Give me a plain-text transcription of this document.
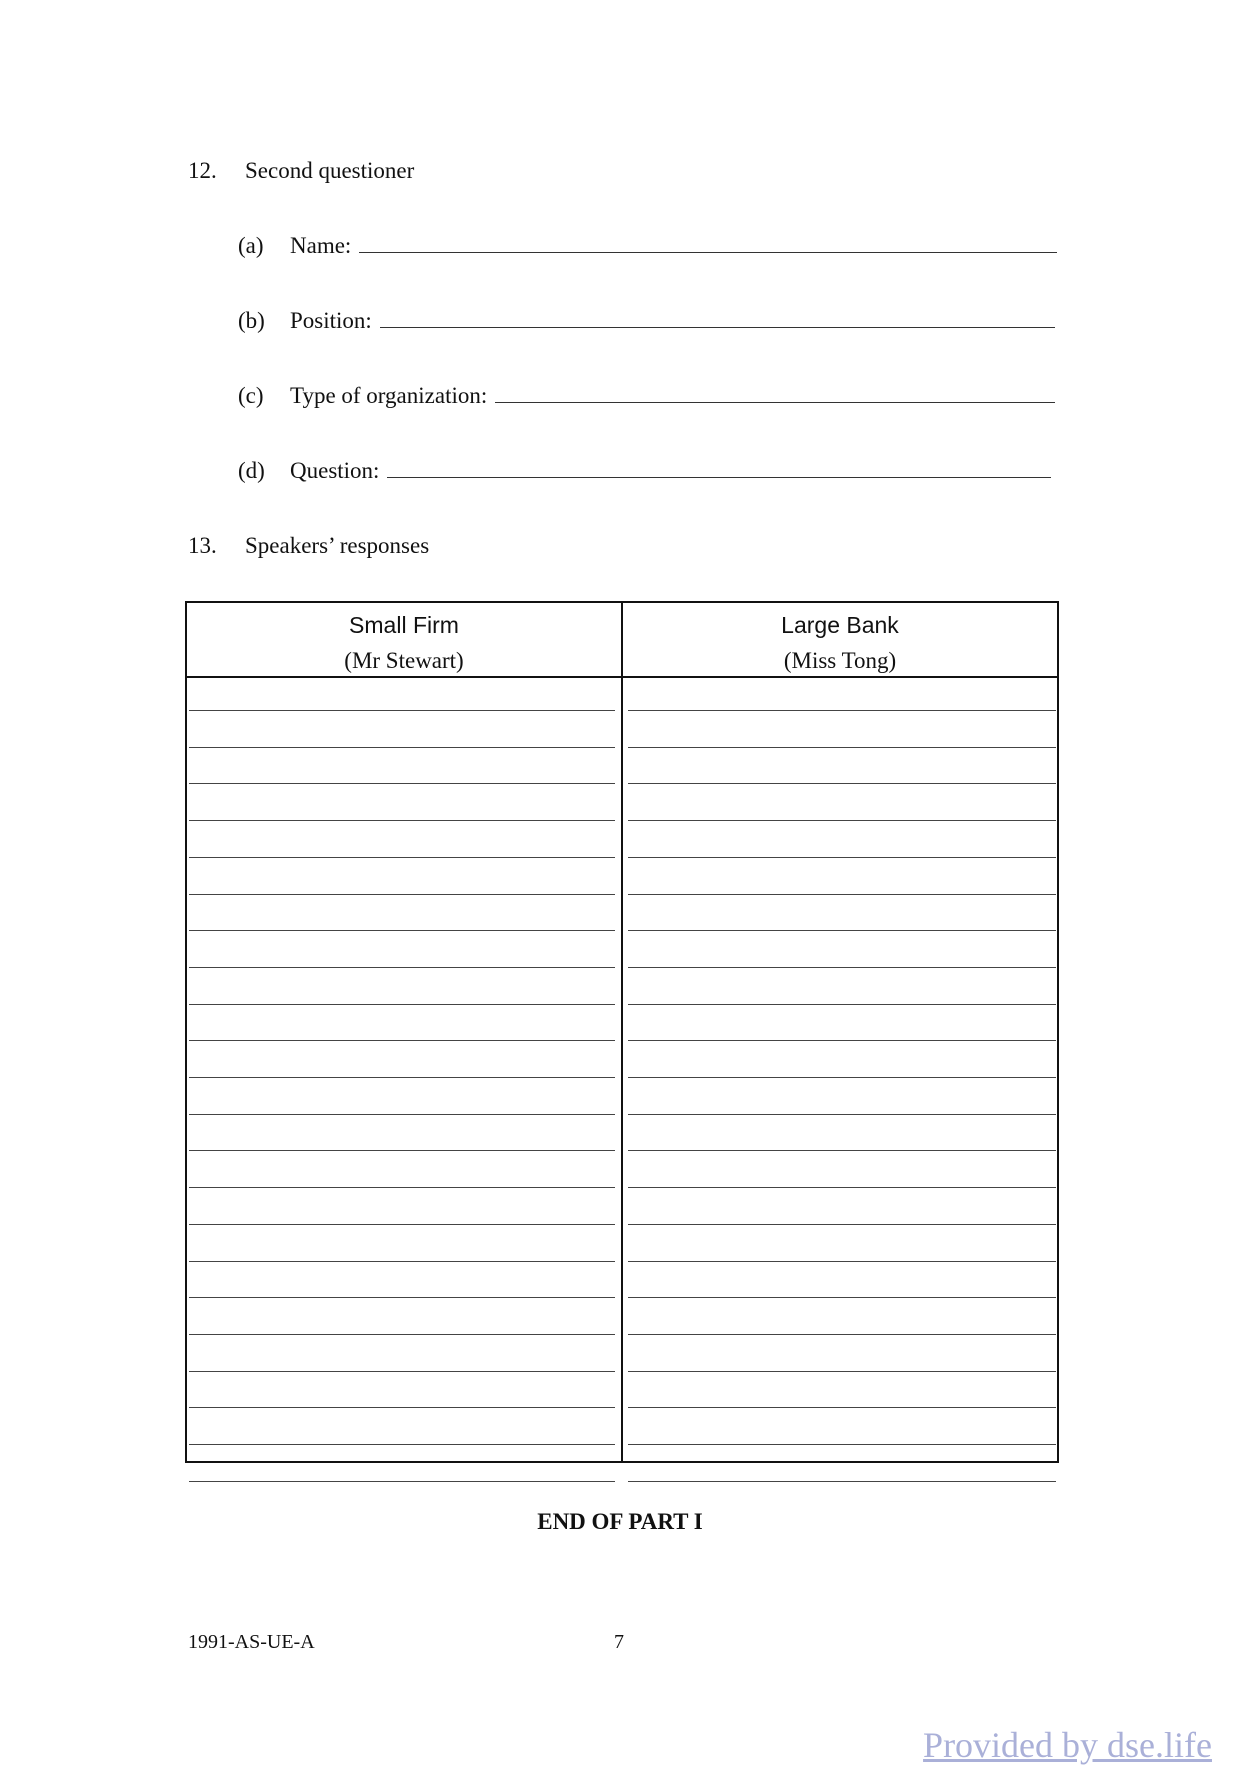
12. Second questioner
(a) Name:
(b) Position:
(c) Type of organization:
(d) Question:
13. Speakers’ responses
Small Firm
(Mr Stewart)
Large Bank
(Miss Tong)
END OF PART I
1991-AS-UE-A	7
Provided by dse.life
